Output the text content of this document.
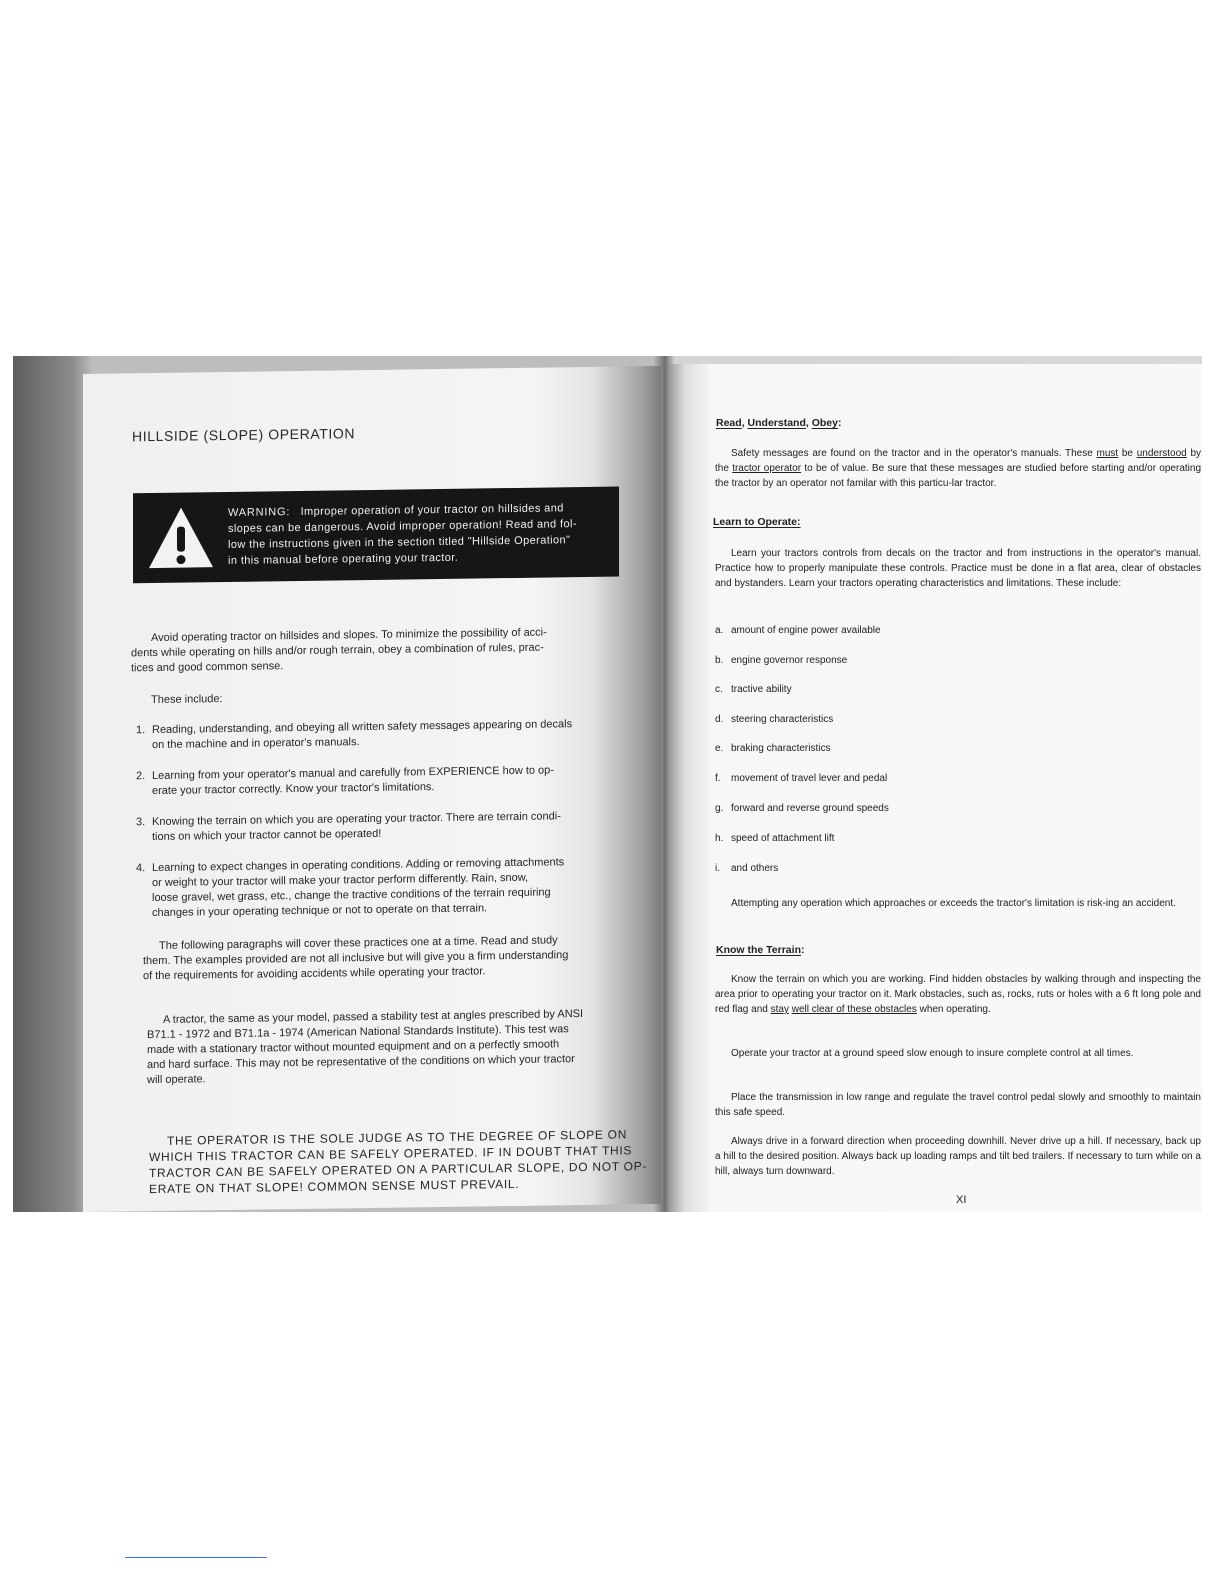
HILLSIDE (SLOPE) OPERATION
WARNING: Improper operation of your tractor on hillsides and
slopes can be dangerous. Avoid improper operation! Read and fol-
low the instructions given in the section titled "Hillside Operation"
in this manual before operating your tractor.
Avoid operating tractor on hillsides and slopes. To minimize the possibility of acci-
dents while operating on hills and/or rough terrain, obey a combination of rules, prac-
tices and good common sense.
These include:
1. Reading, understanding, and obeying all written safety messages appearing on decals
on the machine and in operator's manuals.
2. Learning from your operator's manual and carefully from EXPERIENCE how to op-
erate your tractor correctly. Know your tractor's limitations.
3. Knowing the terrain on which you are operating your tractor. There are terrain condi-
tions on which your tractor cannot be operated!
4. Learning to expect changes in operating conditions. Adding or removing attachments
or weight to your tractor will make your tractor perform differently. Rain, snow,
loose gravel, wet grass, etc., change the tractive conditions of the terrain requiring
changes in your operating technique or not to operate on that terrain.
The following paragraphs will cover these practices one at a time. Read and study
them. The examples provided are not all inclusive but will give you a firm understanding
of the requirements for avoiding accidents while operating your tractor.
A tractor, the same as your model, passed a stability test at angles prescribed by ANSI
B71.1 - 1972 and B71.1a - 1974 (American National Standards Institute). This test was
made with a stationary tractor without mounted equipment and on a perfectly smooth
and hard surface. This may not be representative of the conditions on which your tractor
will operate.
THE OPERATOR IS THE SOLE JUDGE AS TO THE DEGREE OF SLOPE ON
WHICH THIS TRACTOR CAN BE SAFELY OPERATED. IF IN DOUBT THAT THIS
TRACTOR CAN BE SAFELY OPERATED ON A PARTICULAR SLOPE, DO NOT OP-
ERATE ON THAT SLOPE! COMMON SENSE MUST PREVAIL.
Read, Understand, Obey:

Safety messages are found on the tractor and in the operator's manuals. These must be understood by the tractor operator to be of value. Be sure that these messages are studied before starting and/or operating the tractor by an operator not familar with this particu-lar tractor.

Learn to Operate:

Learn your tractors controls from decals on the tractor and from instructions in the operator's manual. Practice how to properly manipulate these controls. Practice must be done in a flat area, clear of obstacles and bystanders. Learn your tractors operating characteristics and limitations. These include:

a. amount of engine power available
b. engine governor response
c. tractive ability
d. steering characteristics
e. braking characteristics
f. movement of travel lever and pedal
g. forward and reverse ground speeds
h. speed of attachment lift
i. and others

Attempting any operation which approaches or exceeds the tractor's limitation is risk-ing an accident.

Know the Terrain:

Know the terrain on which you are working. Find hidden obstacles by walking through and inspecting the area prior to operating your tractor on it. Mark obstacles, such as, rocks, ruts or holes with a 6 ft long pole and red flag and stay well clear of these obstacles when operating.

Operate your tractor at a ground speed slow enough to insure complete control at all times.

Place the transmission in low range and regulate the travel control pedal slowly and smoothly to maintain this safe speed.

Always drive in a forward direction when proceeding downhill. Never drive up a hill. If necessary, back up a hill to the desired position. Always back up loading ramps and tilt bed trailers. If necessary to turn while on a hill, always turn downward.

XI
